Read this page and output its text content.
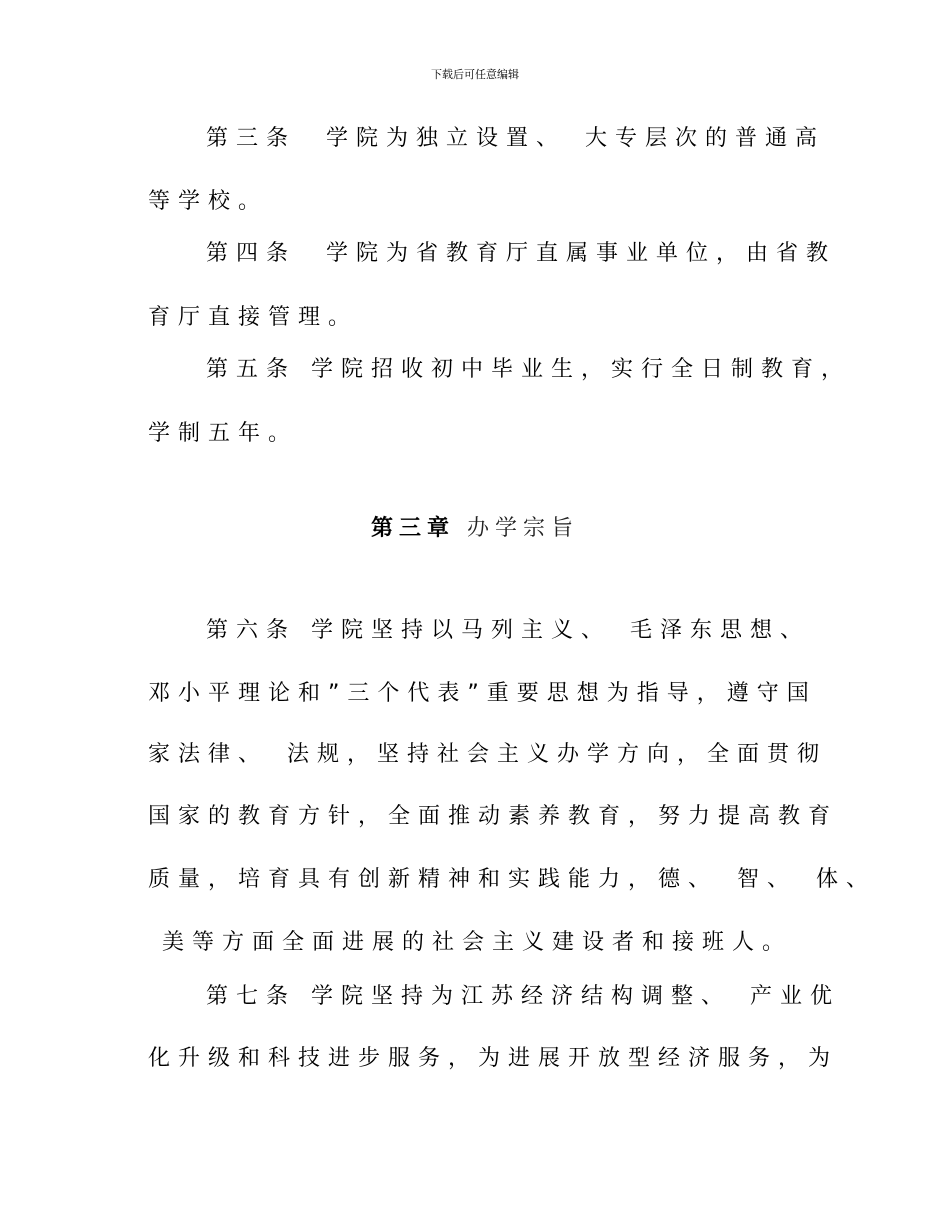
下载后可任意编辑
第三条　学院为独立设置、　大专层次的普通高
等学校。
第四条　学院为省教育厅直属事业单位，由省教
育厅直接管理。
第五条 学院招收初中毕业生，实行全日制教育，
学制五年。
第三章 办学宗旨
第六条 学院坚持以马列主义、　毛泽东思想、
邓小平理论和”三个代表”重要思想为指导，遵守国
家法律、　法规，坚持社会主义办学方向，全面贯彻
国家的教育方针，全面推动素养教育，努力提高教育
质量，培育具有创新精神和实践能力，德、　智、　体、
美等方面全面进展的社会主义建设者和接班人。
第七条 学院坚持为江苏经济结构调整、　产业优
化升级和科技进步服务，为进展开放型经济服务，为
